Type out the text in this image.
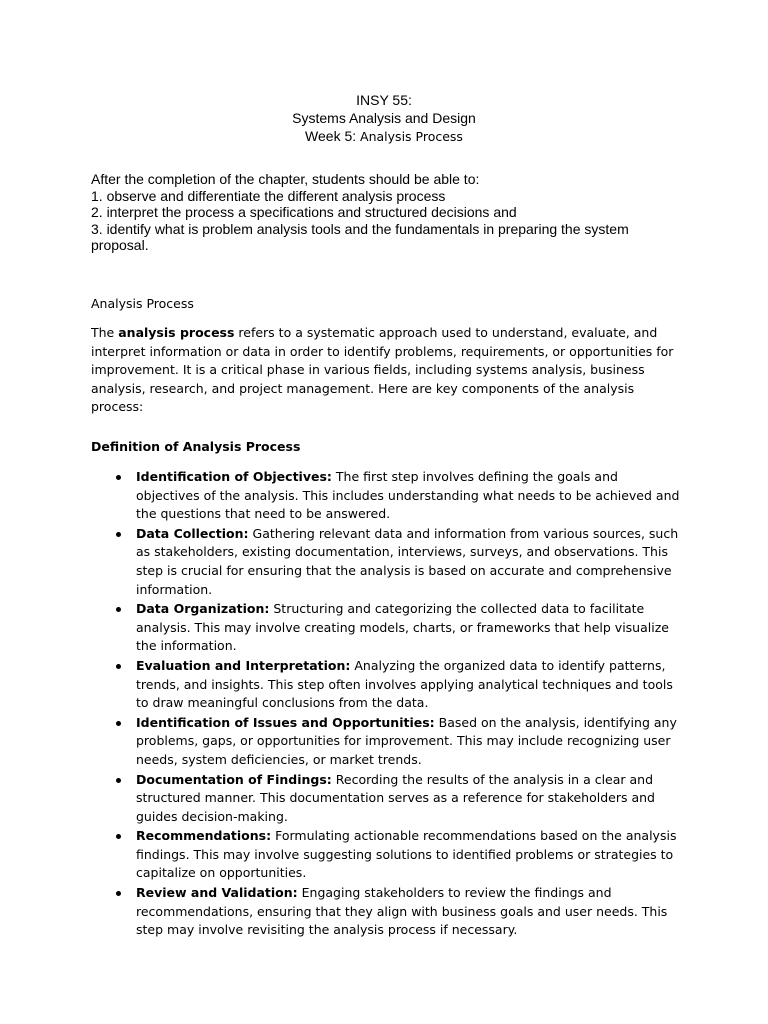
INSY 55:
Systems Analysis and Design
Week 5: Analysis Process
After the completion of the chapter, students should be able to:
1. observe and differentiate the different analysis process
2. interpret the process a specifications and structured decisions and
3. identify what is problem analysis tools and the fundamentals in preparing the system proposal.
Analysis Process
The analysis process refers to a systematic approach used to understand, evaluate, and interpret information or data in order to identify problems, requirements, or opportunities for improvement. It is a critical phase in various fields, including systems analysis, business analysis, research, and project management. Here are key components of the analysis process:
Definition of Analysis Process
Identification of Objectives: The first step involves defining the goals and objectives of the analysis. This includes understanding what needs to be achieved and the questions that need to be answered.
Data Collection: Gathering relevant data and information from various sources, such as stakeholders, existing documentation, interviews, surveys, and observations. This step is crucial for ensuring that the analysis is based on accurate and comprehensive information.
Data Organization: Structuring and categorizing the collected data to facilitate analysis. This may involve creating models, charts, or frameworks that help visualize the information.
Evaluation and Interpretation: Analyzing the organized data to identify patterns, trends, and insights. This step often involves applying analytical techniques and tools to draw meaningful conclusions from the data.
Identification of Issues and Opportunities: Based on the analysis, identifying any problems, gaps, or opportunities for improvement. This may include recognizing user needs, system deficiencies, or market trends.
Documentation of Findings: Recording the results of the analysis in a clear and structured manner. This documentation serves as a reference for stakeholders and guides decision-making.
Recommendations: Formulating actionable recommendations based on the analysis findings. This may involve suggesting solutions to identified problems or strategies to capitalize on opportunities.
Review and Validation: Engaging stakeholders to review the findings and recommendations, ensuring that they align with business goals and user needs. This step may involve revisiting the analysis process if necessary.
